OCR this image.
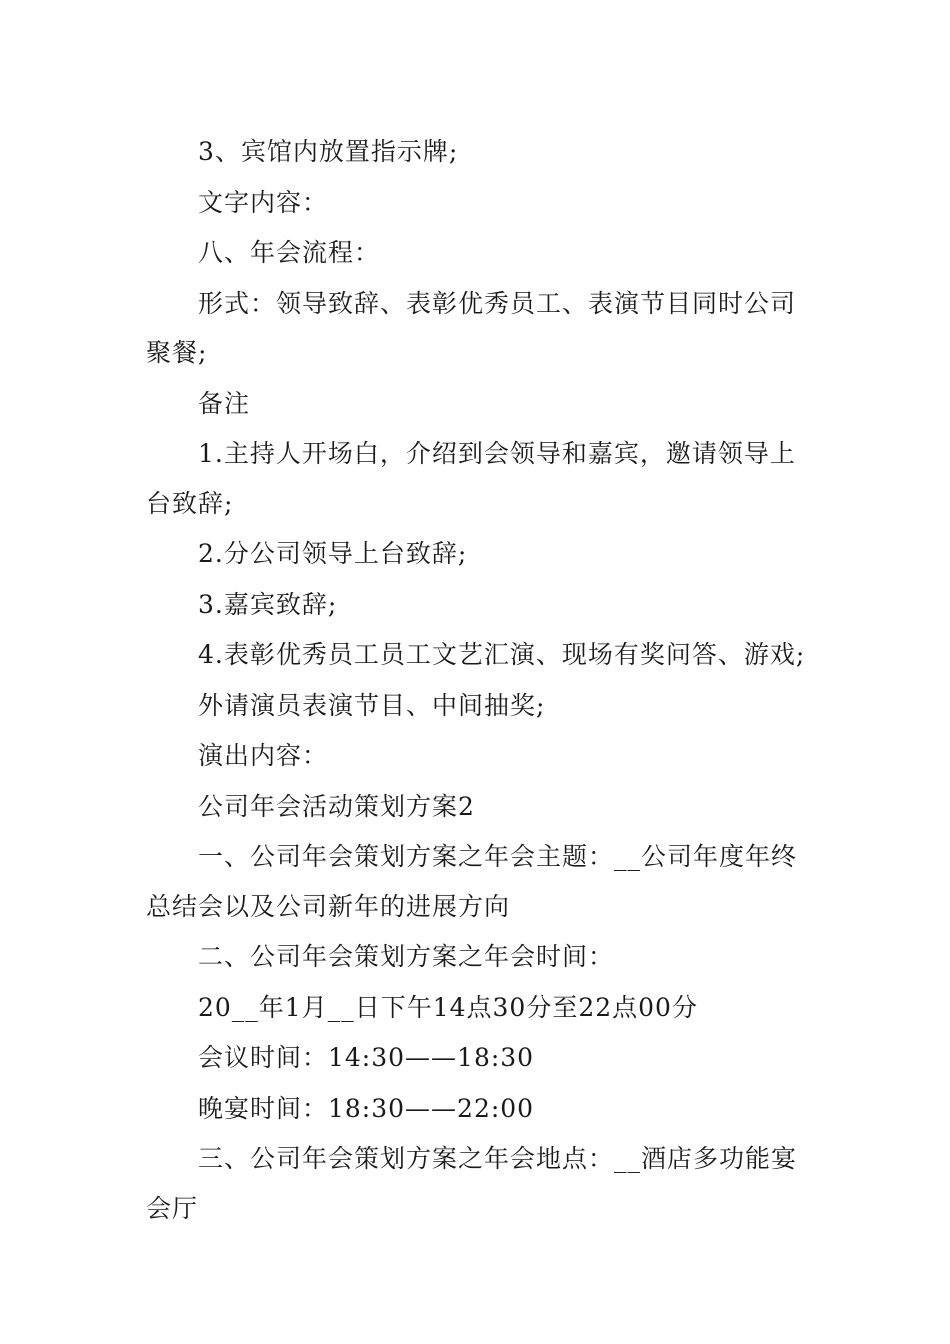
3、宾馆内放置指示牌;

文字内容：

八、年会流程：

形式：领导致辞、表彰优秀员工、表演节目同时公司聚餐;

备注

1.主持人开场白，介绍到会领导和嘉宾，邀请领导上台致辞;

2.分公司领导上台致辞;

3.嘉宾致辞;

4.表彰优秀员工员工文艺汇演、现场有奖问答、游戏;

外请演员表演节目、中间抽奖;

演出内容：

公司年会活动策划方案2

一、公司年会策划方案之年会主题：__公司年度年终总结会以及公司新年的进展方向

二、公司年会策划方案之年会时间：

20__年1月__日下午14点30分至22点00分

会议时间：14:30——18:30

晚宴时间：18:30——22:00

三、公司年会策划方案之年会地点：__酒店多功能宴会厅
